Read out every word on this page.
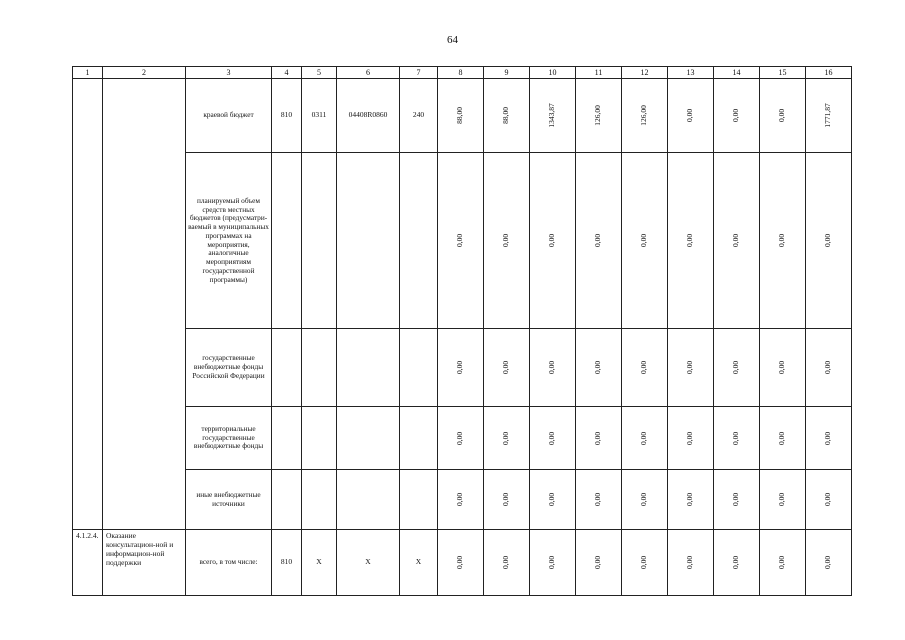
64
1	2	3	4	5	6	7	8	9	10	11	12	13	14	15	16
		краевой бюджет	810	0311	04408R0860	240	88,00	88,00	1343,87	126,00	126,00	0,00	0,00	0,00	1771,87
		планируемый объем средств местных бюджетов (предусматри-ваемый в муниципальных программах на мероприятия, аналогичные мероприятиям государственной программы)					0,00	0,00	0,00	0,00	0,00	0,00	0,00	0,00	0,00
		государственные внебюджетные фонды Российской Федерации					0,00	0,00	0,00	0,00	0,00	0,00	0,00	0,00	0,00
		территориальные государственные внебюджетные фонды					0,00	0,00	0,00	0,00	0,00	0,00	0,00	0,00	0,00
		иные внебюджетные источники					0,00	0,00	0,00	0,00	0,00	0,00	0,00	0,00	0,00
4.1.2.4.	Оказание консультацион-ной и информацион-ной поддержки	всего, в том числе:	810	X	X	X	0,00	0,00	0,00	0,00	0,00	0,00	0,00	0,00	0,00
